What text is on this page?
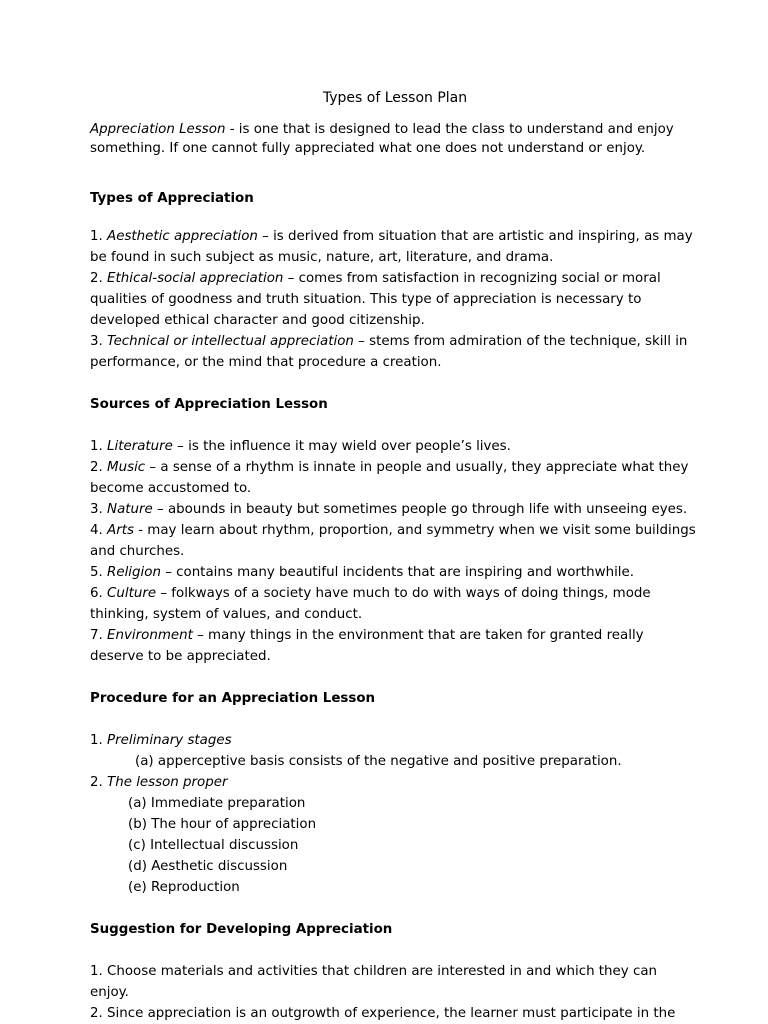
Types of Lesson Plan

Appreciation Lesson - is one that is designed to lead the class to understand and enjoy something. If one cannot fully appreciated what one does not understand or enjoy.

Types of Appreciation

1. Aesthetic appreciation – is derived from situation that are artistic and inspiring, as may be found in such subject as music, nature, art, literature, and drama.

2. Ethical-social appreciation – comes from satisfaction in recognizing social or moral qualities of goodness and truth situation. This type of appreciation is necessary to developed ethical character and good citizenship.

3. Technical or intellectual appreciation – stems from admiration of the technique, skill in performance, or the mind that procedure a creation.

Sources of Appreciation Lesson

1. Literature – is the influence it may wield over people’s lives.

2. Music – a sense of a rhythm is innate in people and usually, they appreciate what they become accustomed to.

3. Nature – abounds in beauty but sometimes people go through life with unseeing eyes.

4. Arts - may learn about rhythm, proportion, and symmetry when we visit some buildings and churches.

5. Religion – contains many beautiful incidents that are inspiring and worthwhile.

6. Culture – folkways of a society have much to do with ways of doing things, mode thinking, system of values, and conduct.

7. Environment – many things in the environment that are taken for granted really deserve to be appreciated.

Procedure for an Appreciation Lesson

1. Preliminary stages

(a) apperceptive basis consists of the negative and positive preparation.

2. The lesson proper

(a) Immediate preparation

(b) The hour of appreciation

(c) Intellectual discussion

(d) Aesthetic discussion

(e) Reproduction

Suggestion for Developing Appreciation

1. Choose materials and activities that children are interested in and which they can enjoy.

2. Since appreciation is an outgrowth of experience, the learner must participate in the
